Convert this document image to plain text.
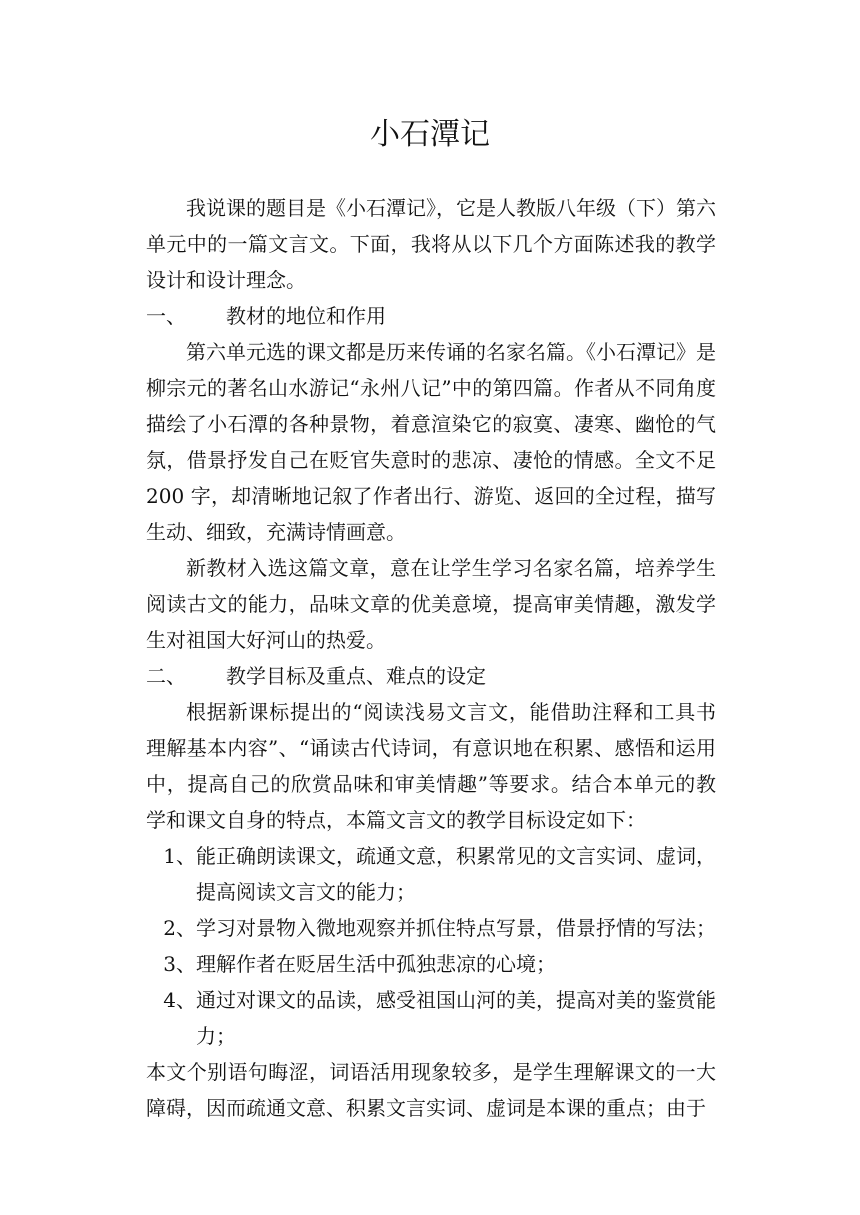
小石潭记

我说课的题目是《小石潭记》，它是人教版八年级（下）第六单元中的一篇文言文。下面，我将从以下几个方面陈述我的教学设计和设计理念。

一、	教材的地位和作用

第六单元选的课文都是历来传诵的名家名篇。《小石潭记》是柳宗元的著名山水游记“永州八记”中的第四篇。作者从不同角度描绘了小石潭的各种景物，着意渲染它的寂寞、凄寒、幽怆的气氛，借景抒发自己在贬官失意时的悲凉、凄怆的情感。全文不足 200 字，却清晰地记叙了作者出行、游览、返回的全过程，描写生动、细致，充满诗情画意。

新教材入选这篇文章，意在让学生学习名家名篇，培养学生阅读古文的能力，品味文章的优美意境，提高审美情趣，激发学生对祖国大好河山的热爱。

二、	教学目标及重点、难点的设定

根据新课标提出的“阅读浅易文言文，能借助注释和工具书理解基本内容”、“诵读古代诗词，有意识地在积累、感悟和运用中，提高自己的欣赏品味和审美情趣”等要求。结合本单元的教学和课文自身的特点，本篇文言文的教学目标设定如下：

1、 能正确朗读课文，疏通文意，积累常见的文言实词、虚词，提高阅读文言文的能力；
2、 学习对景物入微地观察并抓住特点写景，借景抒情的写法；
3、 理解作者在贬居生活中孤独悲凉的心境；
4、 通过对课文的品读，感受祖国山河的美，提高对美的鉴赏能力；

本文个别语句晦涩，词语活用现象较多，是学生理解课文的一大障碍，因而疏通文意、积累文言实词、虚词是本课的重点；由于
